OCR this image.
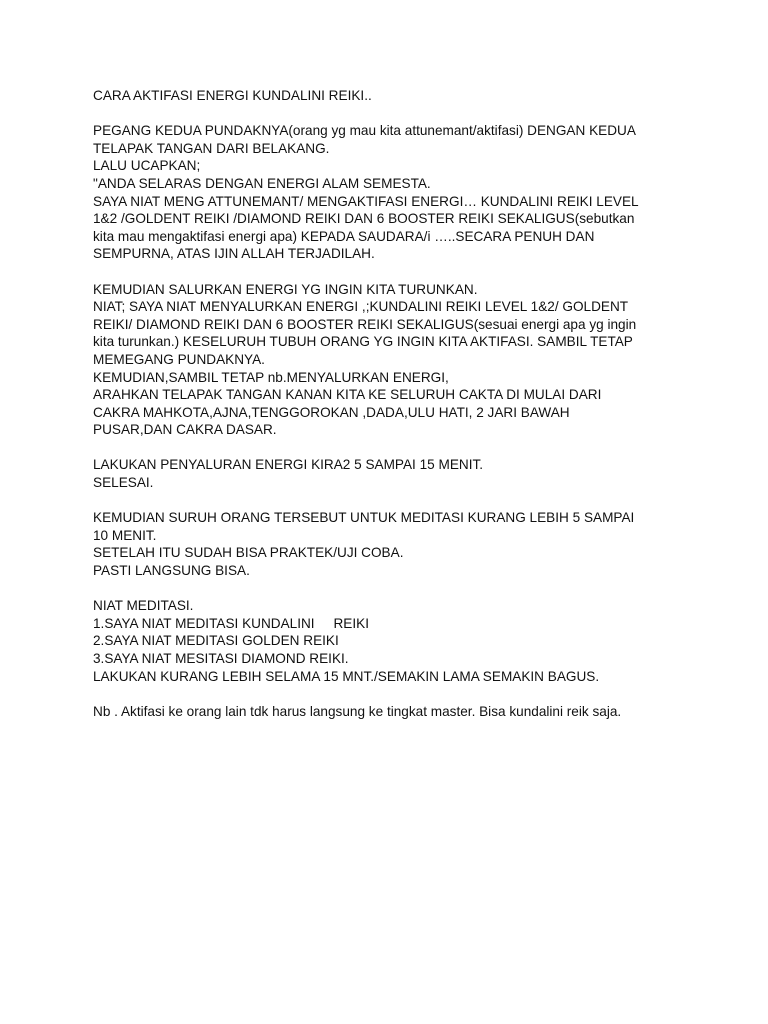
CARA AKTIFASI ENERGI KUNDALINI REIKI..

PEGANG KEDUA PUNDAKNYA(orang yg mau kita attunemant/aktifasi) DENGAN KEDUA

TELAPAK TANGAN DARI BELAKANG.

LALU UCAPKAN;

"ANDA SELARAS DENGAN ENERGI ALAM SEMESTA.

SAYA NIAT MENG ATTUNEMANT/ MENGAKTIFASI ENERGI… KUNDALINI REIKI LEVEL

1&2 /GOLDENT REIKI /DIAMOND REIKI DAN 6 BOOSTER REIKI SEKALIGUS(sebutkan

kita mau mengaktifasi energi apa) KEPADA SAUDARA/i …..SECARA PENUH DAN

SEMPURNA, ATAS IJIN ALLAH TERJADILAH.

KEMUDIAN SALURKAN ENERGI YG INGIN KITA TURUNKAN.

NIAT; SAYA NIAT MENYALURKAN ENERGI ,;KUNDALINI REIKI LEVEL 1&2/ GOLDENT

REIKI/ DIAMOND REIKI DAN 6 BOOSTER REIKI SEKALIGUS(sesuai energi apa yg ingin

kita turunkan.) KESELURUH TUBUH ORANG YG INGIN KITA AKTIFASI. SAMBIL TETAP

MEMEGANG PUNDAKNYA.

KEMUDIAN,SAMBIL TETAP nb.MENYALURKAN ENERGI,

ARAHKAN TELAPAK TANGAN KANAN KITA KE SELURUH CAKTA DI MULAI DARI

CAKRA MAHKOTA,AJNA,TENGGOROKAN ,DADA,ULU HATI, 2 JARI BAWAH

PUSAR,DAN CAKRA DASAR.

LAKUKAN PENYALURAN ENERGI KIRA2 5 SAMPAI 15 MENIT.

SELESAI.

KEMUDIAN SURUH ORANG TERSEBUT UNTUK MEDITASI KURANG LEBIH 5 SAMPAI

10 MENIT.

SETELAH ITU SUDAH BISA PRAKTEK/UJI COBA.

PASTI LANGSUNG BISA.

NIAT MEDITASI.

1.SAYA NIAT MEDITASI KUNDALINI     REIKI

2.SAYA NIAT MEDITASI GOLDEN REIKI

3.SAYA NIAT MESITASI DIAMOND REIKI.

LAKUKAN KURANG LEBIH SELAMA 15 MNT./SEMAKIN LAMA SEMAKIN BAGUS.

Nb . Aktifasi ke orang lain tdk harus langsung ke tingkat master. Bisa kundalini reik saja.
